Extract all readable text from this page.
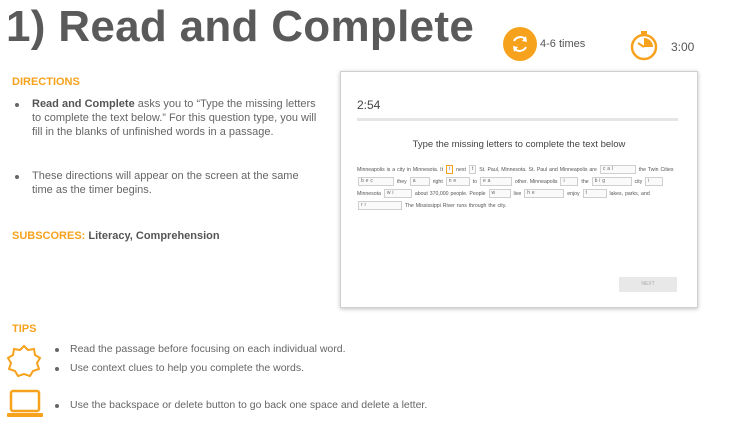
1) Read and Complete	4-6 times	3:00
DIRECTIONS
Read and Complete asks you to “Type the missing letters to complete the text below.” For this question type, you will fill in the blanks of unfinished words in a passage.
These directions will appear on the screen at the same time as the timer begins.
SUBSCORES: Literacy, Comprehension
2:54
Type the missing letters to complete the text below
Minneapolis is a city in Minnesota. It i next t St. Paul, Minnesota. St. Paul and Minneapolis are c a l	the Twin Cities b e c	they a	right n e	to e a	other. Minneapolis i	the b i g	city i Minnesota w i	about 370,000 people. People w	live h e	enjoy t	lakes, parks, and r i	The Mississippi River runs through the city.
NEXT
TIPS
Read the passage before focusing on each individual word.
Use context clues to help you complete the words.
Use the backspace or delete button to go back one space and delete a letter.
